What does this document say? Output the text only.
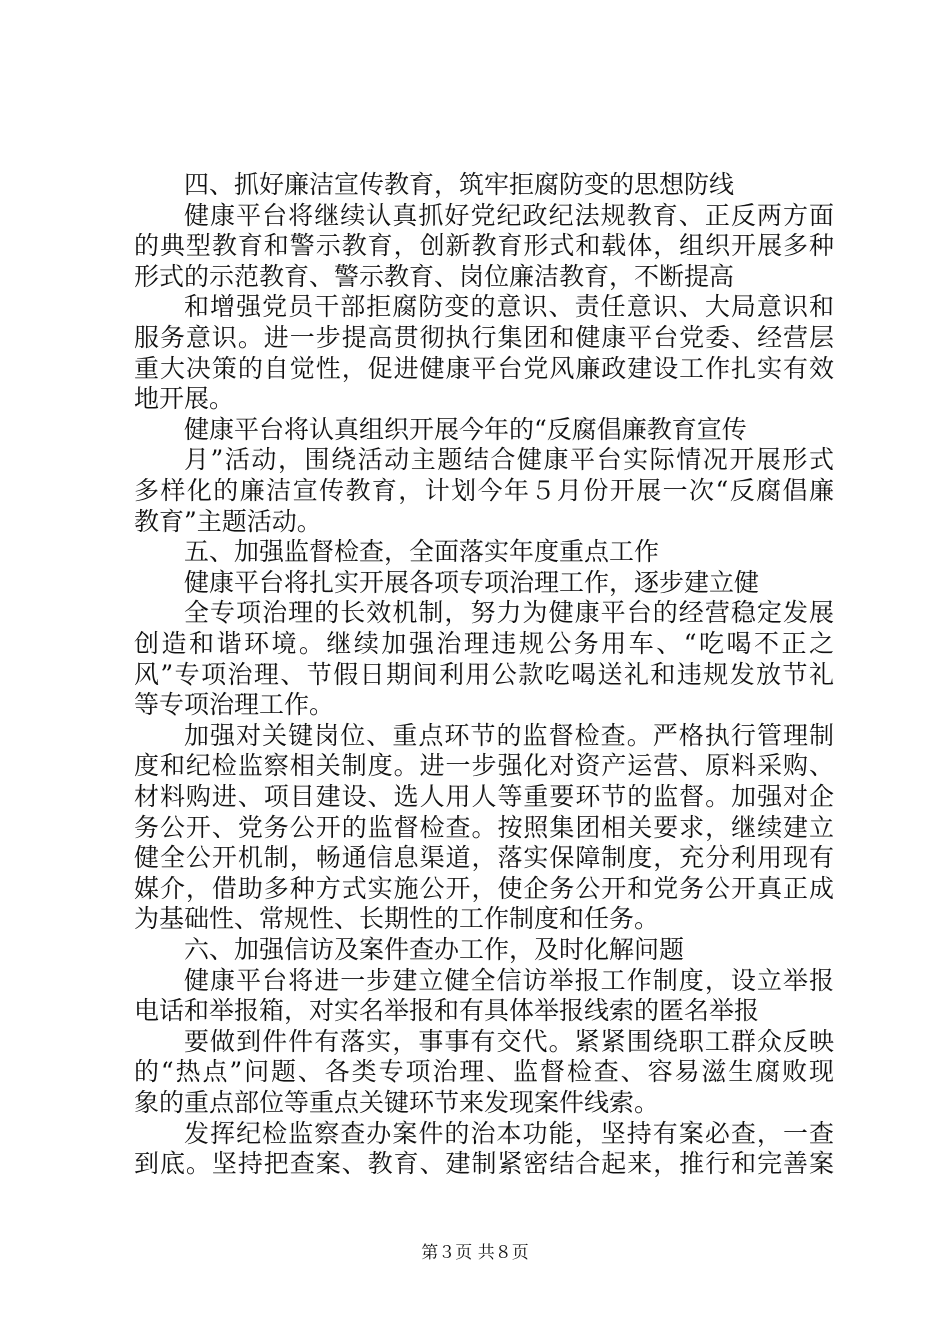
四、抓好廉洁宣传教育，筑牢拒腐防变的思想防线
健康平台将继续认真抓好党纪政纪法规教育、正反两方面
的典型教育和警示教育，创新教育形式和载体，组织开展多种
形式的示范教育、警示教育、岗位廉洁教育，不断提高
和增强党员干部拒腐防变的意识、责任意识、大局意识和
服务意识。进一步提高贯彻执行集团和健康平台党委、经营层
重大决策的自觉性，促进健康平台党风廉政建设工作扎实有效
地开展。
健康平台将认真组织开展今年的“反腐倡廉教育宣传
月”活动，围绕活动主题结合健康平台实际情况开展形式
多样化的廉洁宣传教育，计划今年５月份开展一次“反腐倡廉
教育”主题活动。
五、加强监督检查，全面落实年度重点工作
健康平台将扎实开展各项专项治理工作，逐步建立健
全专项治理的长效机制，努力为健康平台的经营稳定发展
创造和谐环境。继续加强治理违规公务用车、“吃喝不正之
风”专项治理、节假日期间利用公款吃喝送礼和违规发放节礼
等专项治理工作。
加强对关键岗位、重点环节的监督检查。严格执行管理制
度和纪检监察相关制度。进一步强化对资产运营、原料采购、
材料购进、项目建设、选人用人等重要环节的监督。加强对企
务公开、党务公开的监督检查。按照集团相关要求，继续建立
健全公开机制，畅通信息渠道，落实保障制度，充分利用现有
媒介，借助多种方式实施公开，使企务公开和党务公开真正成
为基础性、常规性、长期性的工作制度和任务。
六、加强信访及案件查办工作，及时化解问题
健康平台将进一步建立健全信访举报工作制度，设立举报
电话和举报箱，对实名举报和有具体举报线索的匿名举报
要做到件件有落实，事事有交代。紧紧围绕职工群众反映
的“热点”问题、各类专项治理、监督检查、容易滋生腐败现
象的重点部位等重点关键环节来发现案件线索。
发挥纪检监察查办案件的治本功能，坚持有案必查，一查
到底。坚持把查案、教育、建制紧密结合起来，推行和完善案
第３页 共８页
